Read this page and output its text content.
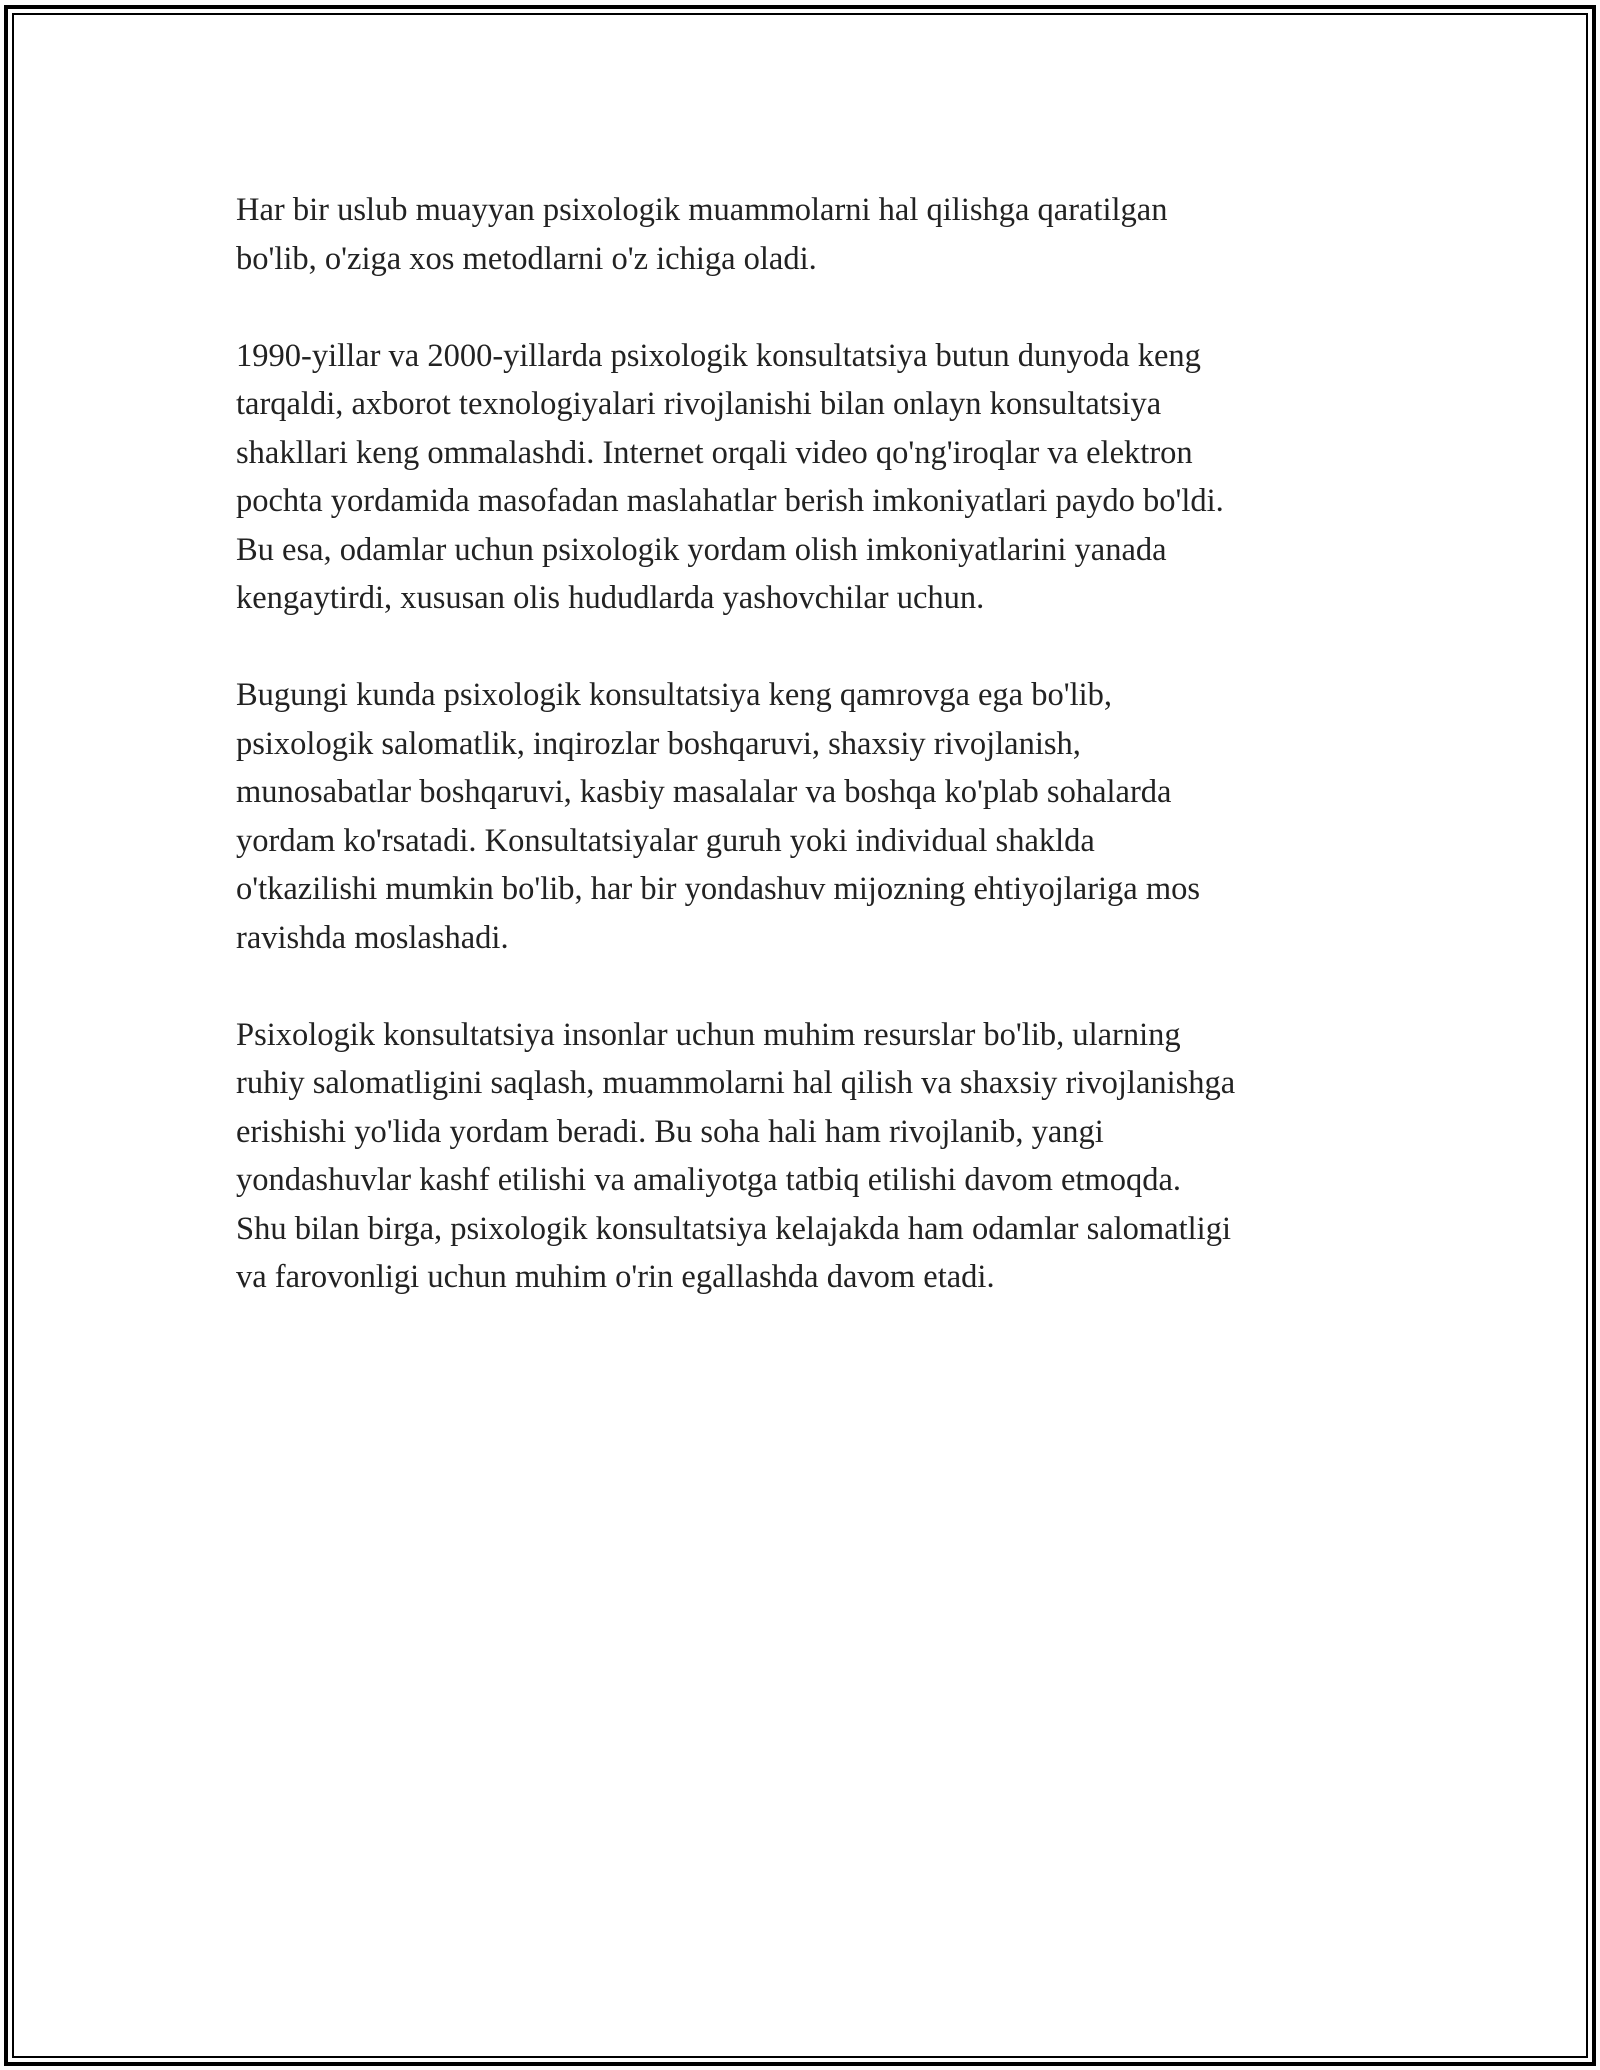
Har bir uslub muayyan psixologik muammolarni hal qilishga qaratilgan
bo'lib, o'ziga xos metodlarni o'z ichiga oladi.

1990-yillar va 2000-yillarda psixologik konsultatsiya butun dunyoda keng
tarqaldi, axborot texnologiyalari rivojlanishi bilan onlayn konsultatsiya
shakllari keng ommalashdi. Internet orqali video qo'ng'iroqlar va elektron
pochta yordamida masofadan maslahatlar berish imkoniyatlari paydo bo'ldi.
Bu esa, odamlar uchun psixologik yordam olish imkoniyatlarini yanada
kengaytirdi, xususan olis hududlarda yashovchilar uchun.

Bugungi kunda psixologik konsultatsiya keng qamrovga ega bo'lib,
psixologik salomatlik, inqirozlar boshqaruvi, shaxsiy rivojlanish,
munosabatlar boshqaruvi, kasbiy masalalar va boshqa ko'plab sohalarda
yordam ko'rsatadi. Konsultatsiyalar guruh yoki individual shaklda
o'tkazilishi mumkin bo'lib, har bir yondashuv mijozning ehtiyojlariga mos
ravishda moslashadi.

Psixologik konsultatsiya insonlar uchun muhim resurslar bo'lib, ularning
ruhiy salomatligini saqlash, muammolarni hal qilish va shaxsiy rivojlanishga
erishishi yo'lida yordam beradi. Bu soha hali ham rivojlanib, yangi
yondashuvlar kashf etilishi va amaliyotga tatbiq etilishi davom etmoqda.
Shu bilan birga, psixologik konsultatsiya kelajakda ham odamlar salomatligi
va farovonligi uchun muhim o'rin egallashda davom etadi.
